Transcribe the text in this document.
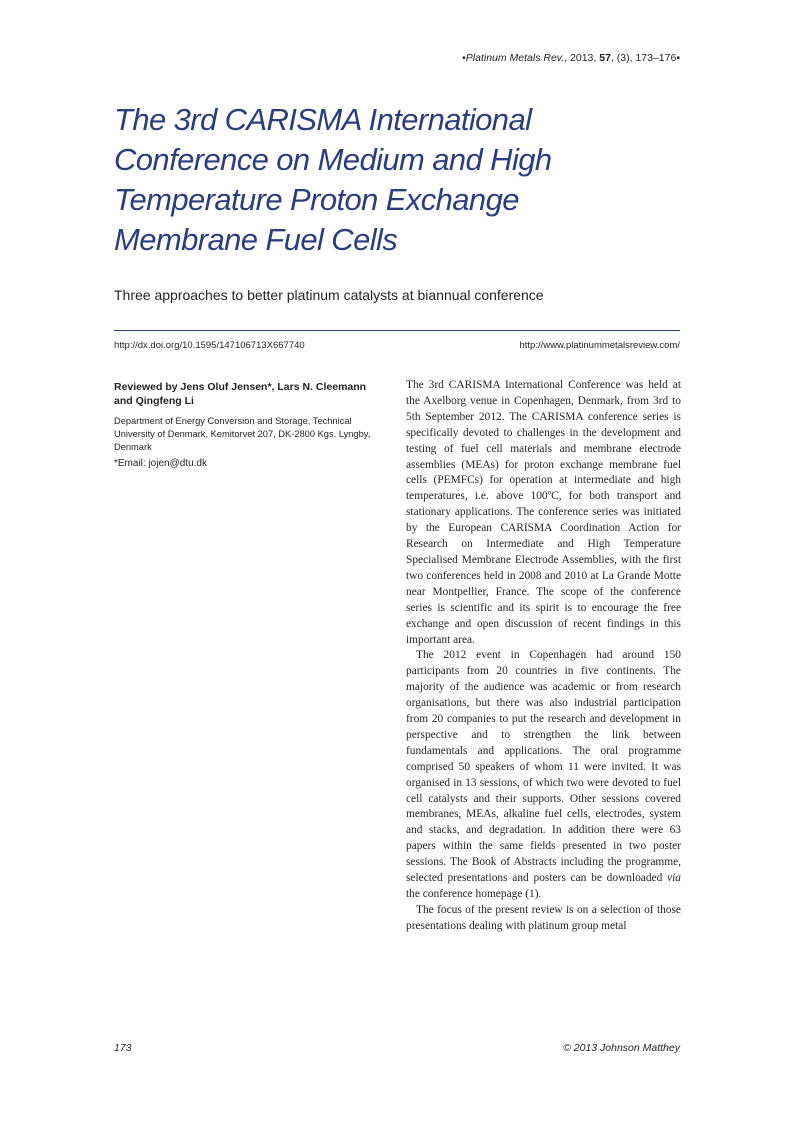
•Platinum Metals Rev., 2013, 57, (3), 173–176•
The 3rd CARISMA International
Conference on Medium and High
Temperature Proton Exchange
Membrane Fuel Cells
Three approaches to better platinum catalysts at biannual conference
http://dx.doi.org/10.1595/147106713X667740	http://www.platinummetalsreview.com/
Reviewed by Jens Oluf Jensen*, Lars N. Cleemann and Qingfeng Li
Department of Energy Conversion and Storage, Technical University of Denmark, Kemitorvet 207, DK-2800 Kgs. Lyngby, Denmark
*Email: jojen@dtu.dk

The 3rd CARISMA International Conference was held at the Axelborg venue in Copenhagen, Denmark, from 3rd to 5th September 2012. The CARISMA conference series is specifically devoted to challenges in the development and testing of fuel cell materials and membrane electrode assemblies (MEAs) for proton exchange membrane fuel cells (PEMFCs) for operation at intermediate and high temperatures, i.e. above 100ºC, for both transport and stationary applications. The conference series was initiated by the European CARISMA Coordination Action for Research on Intermediate and High Temperature Specialised Membrane Electrode Assemblies, with the first two conferences held in 2008 and 2010 at La Grande Motte near Montpellier, France. The scope of the conference series is scientific and its spirit is to encourage the free exchange and open discussion of recent findings in this important area.

The 2012 event in Copenhagen had around 150 participants from 20 countries in five continents. The majority of the audience was academic or from research organisations, but there was also industrial participation from 20 companies to put the research and development in perspective and to strengthen the link between fundamentals and applications. The oral programme comprised 50 speakers of whom 11 were invited. It was organised in 13 sessions, of which two were devoted to fuel cell catalysts and their supports. Other sessions covered membranes, MEAs, alkaline fuel cells, electrodes, system and stacks, and degradation. In addition there were 63 papers within the same fields presented in two poster sessions. The Book of Abstracts including the programme, selected presentations and posters can be downloaded via the conference homepage (1).

The focus of the present review is on a selection of those presentations dealing with platinum group metal

173	© 2013 Johnson Matthey
